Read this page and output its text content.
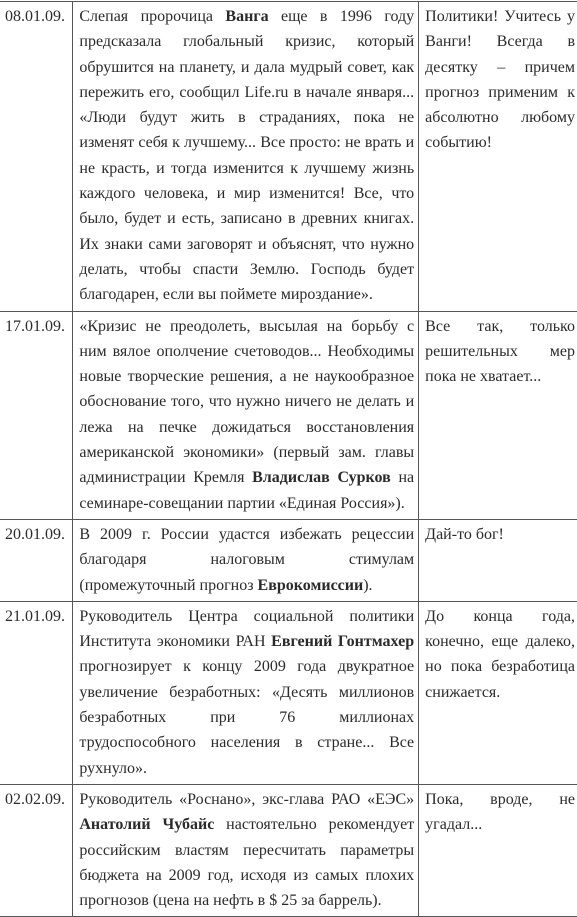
08.01.09.	Слепая пророчица Ванга еще в 1996 году предсказала глобальный кризис, который обрушится на планету, и дала мудрый совет, как пережить его, сообщил Life.ru в начале января... «Люди будут жить в страданиях, пока не изменят себя к лучшему... Все просто: не врать и не красть, и тогда изменится к лучшему жизнь каждого человека, и мир изменится! Все, что было, будет и есть, записано в древних книгах. Их знаки сами заговорят и объяснят, что нужно делать, чтобы спасти Землю. Господь будет благодарен, если вы поймете мироздание».	Политики! Учитесь у Ванги! Всегда в десятку – причем прогноз применим к абсолютно любому событию!
17.01.09.	«Кризис не преодолеть, высылая на борьбу с ним вялое ополчение счетоводов... Необходимы новые творческие решения, а не наукообразное обоснование того, что нужно ничего не делать и лежа на печке дожидаться восстановления американской экономики» (первый зам. главы администрации Кремля Владислав Сурков на семинаре-совещании партии «Единая Россия»).	Все так, только решительных мер пока не хватает...
20.01.09.	В 2009 г. России удастся избежать рецессии благодаря налоговым стимулам (промежуточный прогноз Еврокомиссии).	Дай-то бог!
21.01.09.	Руководитель Центра социальной политики Института экономики РАН Евгений Гонтмахер прогнозирует к концу 2009 года двукратное увеличение безработных: «Десять миллионов безработных при 76 миллионах трудоспособного населения в стране... Все рухнуло».	До конца года, конечно, еще далеко, но пока безработица снижается.
02.02.09.	Руководитель «Роснано», экс-глава РАО «ЕЭС» Анатолий Чубайс настоятельно рекомендует российским властям пересчитать параметры бюджета на 2009 год, исходя из самых плохих прогнозов (цена на нефть в $ 25 за баррель).	Пока, вроде, не угадал...
